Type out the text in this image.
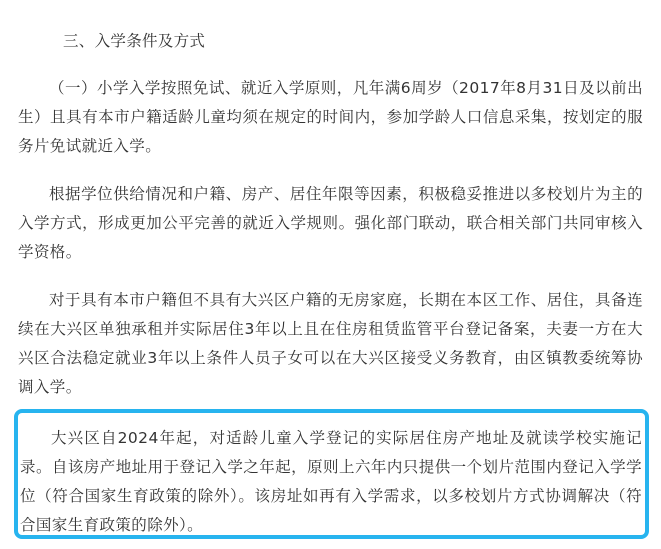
三、入学条件及方式

（一）小学入学按照免试、就近入学原则，凡年满6周岁（2017年8月31日及以前出生）且具有本市户籍适龄儿童均须在规定的时间内，参加学龄人口信息采集，按划定的服务片免试就近入学。

根据学位供给情况和户籍、房产、居住年限等因素，积极稳妥推进以多校划片为主的入学方式，形成更加公平完善的就近入学规则。强化部门联动，联合相关部门共同审核入学资格。

对于具有本市户籍但不具有大兴区户籍的无房家庭，长期在本区工作、居住，具备连续在大兴区单独承租并实际居住3年以上且在住房租赁监管平台登记备案，夫妻一方在大兴区合法稳定就业3年以上条件人员子女可以在大兴区接受义务教育，由区镇教委统筹协调入学。

大兴区自2024年起，对适龄儿童入学登记的实际居住房产地址及就读学校实施记录。自该房产地址用于登记入学之年起，原则上六年内只提供一个划片范围内登记入学学位（符合国家生育政策的除外）。该房址如再有入学需求，以多校划片方式协调解决（符合国家生育政策的除外）。
